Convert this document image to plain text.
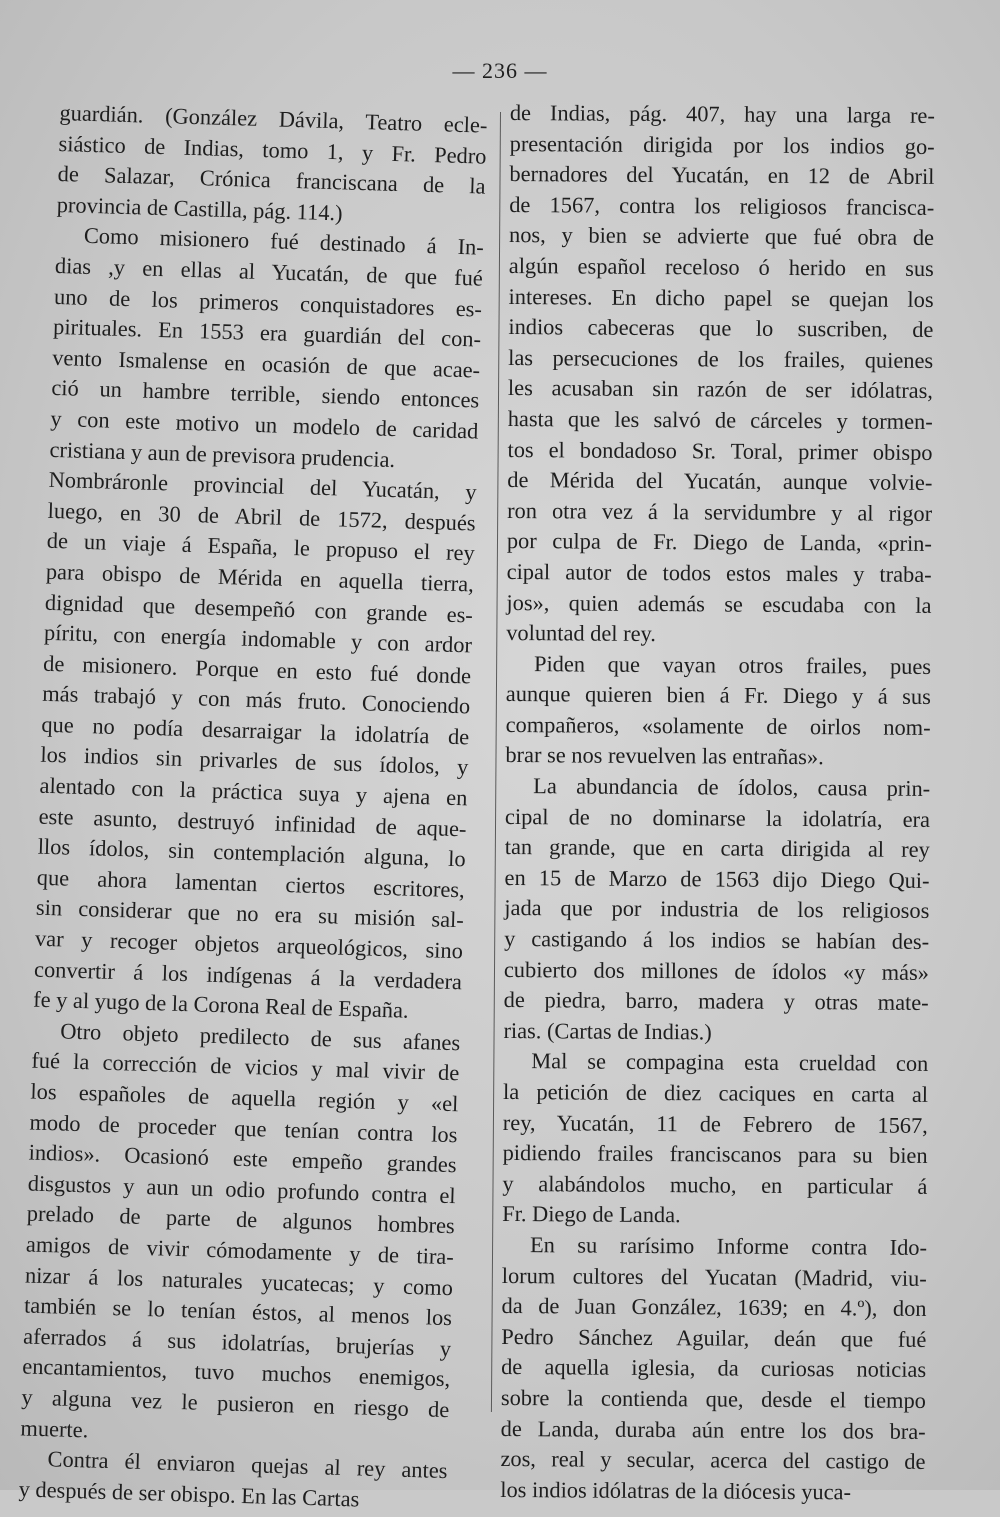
— 236 —
guardián. (González Dávila, Teatro ecle-
siástico de Indias, tomo 1, y Fr. Pedro
de Salazar, Crónica franciscana de la
provincia de Castilla, pág. 114.)
Como misionero fué destinado á In-
dias ,y en ellas al Yucatán, de que fué
uno de los primeros conquistadores es-
pirituales. En 1553 era guardián del con-
vento Ismalense en ocasión de que acae-
ció un hambre terrible, siendo entonces
y con este motivo un modelo de caridad
cristiana y aun de previsora prudencia.
Nombráronle provincial del Yucatán, y
luego, en 30 de Abril de 1572, después
de un viaje á España, le propuso el rey
para obispo de Mérida en aquella tierra,
dignidad que desempeñó con grande es-
píritu, con energía indomable y con ardor
de misionero. Porque en esto fué donde
más trabajó y con más fruto. Conociendo
que no podía desarraigar la idolatría de
los indios sin privarles de sus ídolos, y
alentado con la práctica suya y ajena en
este asunto, destruyó infinidad de aque-
llos ídolos, sin contemplación alguna, lo
que ahora lamentan ciertos escritores,
sin considerar que no era su misión sal-
var y recoger objetos arqueológicos, sino
convertir á los indígenas á la verdadera
fe y al yugo de la Corona Real de España.
Otro objeto predilecto de sus afanes
fué la corrección de vicios y mal vivir de
los españoles de aquella región y «el
modo de proceder que tenían contra los
indios». Ocasionó este empeño grandes
disgustos y aun un odio profundo contra el
prelado de parte de algunos hombres
amigos de vivir cómodamente y de tira-
nizar á los naturales yucatecas; y como
también se lo tenían éstos, al menos los
aferrados á sus idolatrías, brujerías y
encantamientos, tuvo muchos enemigos,
y alguna vez le pusieron en riesgo de
muerte.
Contra él enviaron quejas al rey antes
y después de ser obispo. En las Cartas
de Indias, pág. 407, hay una larga re-
presentación dirigida por los indios go-
bernadores del Yucatán, en 12 de Abril
de 1567, contra los religiosos francisca-
nos, y bien se advierte que fué obra de
algún español receloso ó herido en sus
intereses. En dicho papel se quejan los
indios cabeceras que lo suscriben, de
las persecuciones de los frailes, quienes
les acusaban sin razón de ser idólatras,
hasta que les salvó de cárceles y tormen-
tos el bondadoso Sr. Toral, primer obispo
de Mérida del Yucatán, aunque volvie-
ron otra vez á la servidumbre y al rigor
por culpa de Fr. Diego de Landa, «prin-
cipal autor de todos estos males y traba-
jos», quien además se escudaba con la
voluntad del rey.
Piden que vayan otros frailes, pues
aunque quieren bien á Fr. Diego y á sus
compañeros, «solamente de oirlos nom-
brar se nos revuelven las entrañas».
La abundancia de ídolos, causa prin-
cipal de no dominarse la idolatría, era
tan grande, que en carta dirigida al rey
en 15 de Marzo de 1563 dijo Diego Qui-
jada que por industria de los religiosos
y castigando á los indios se habían des-
cubierto dos millones de ídolos «y más»
de piedra, barro, madera y otras mate-
rias. (Cartas de Indias.)
Mal se compagina esta crueldad con
la petición de diez caciques en carta al
rey, Yucatán, 11 de Febrero de 1567,
pidiendo frailes franciscanos para su bien
y alabándolos mucho, en particular á
Fr. Diego de Landa.
En su rarísimo Informe contra Ido-
lorum cultores del Yucatan (Madrid, viu-
da de Juan González, 1639; en 4.º), don
Pedro Sánchez Aguilar, deán que fué
de aquella iglesia, da curiosas noticias
sobre la contienda que, desde el tiempo
de Landa, duraba aún entre los dos bra-
zos, real y secular, acerca del castigo de
los indios idólatras de la diócesis yuca-
